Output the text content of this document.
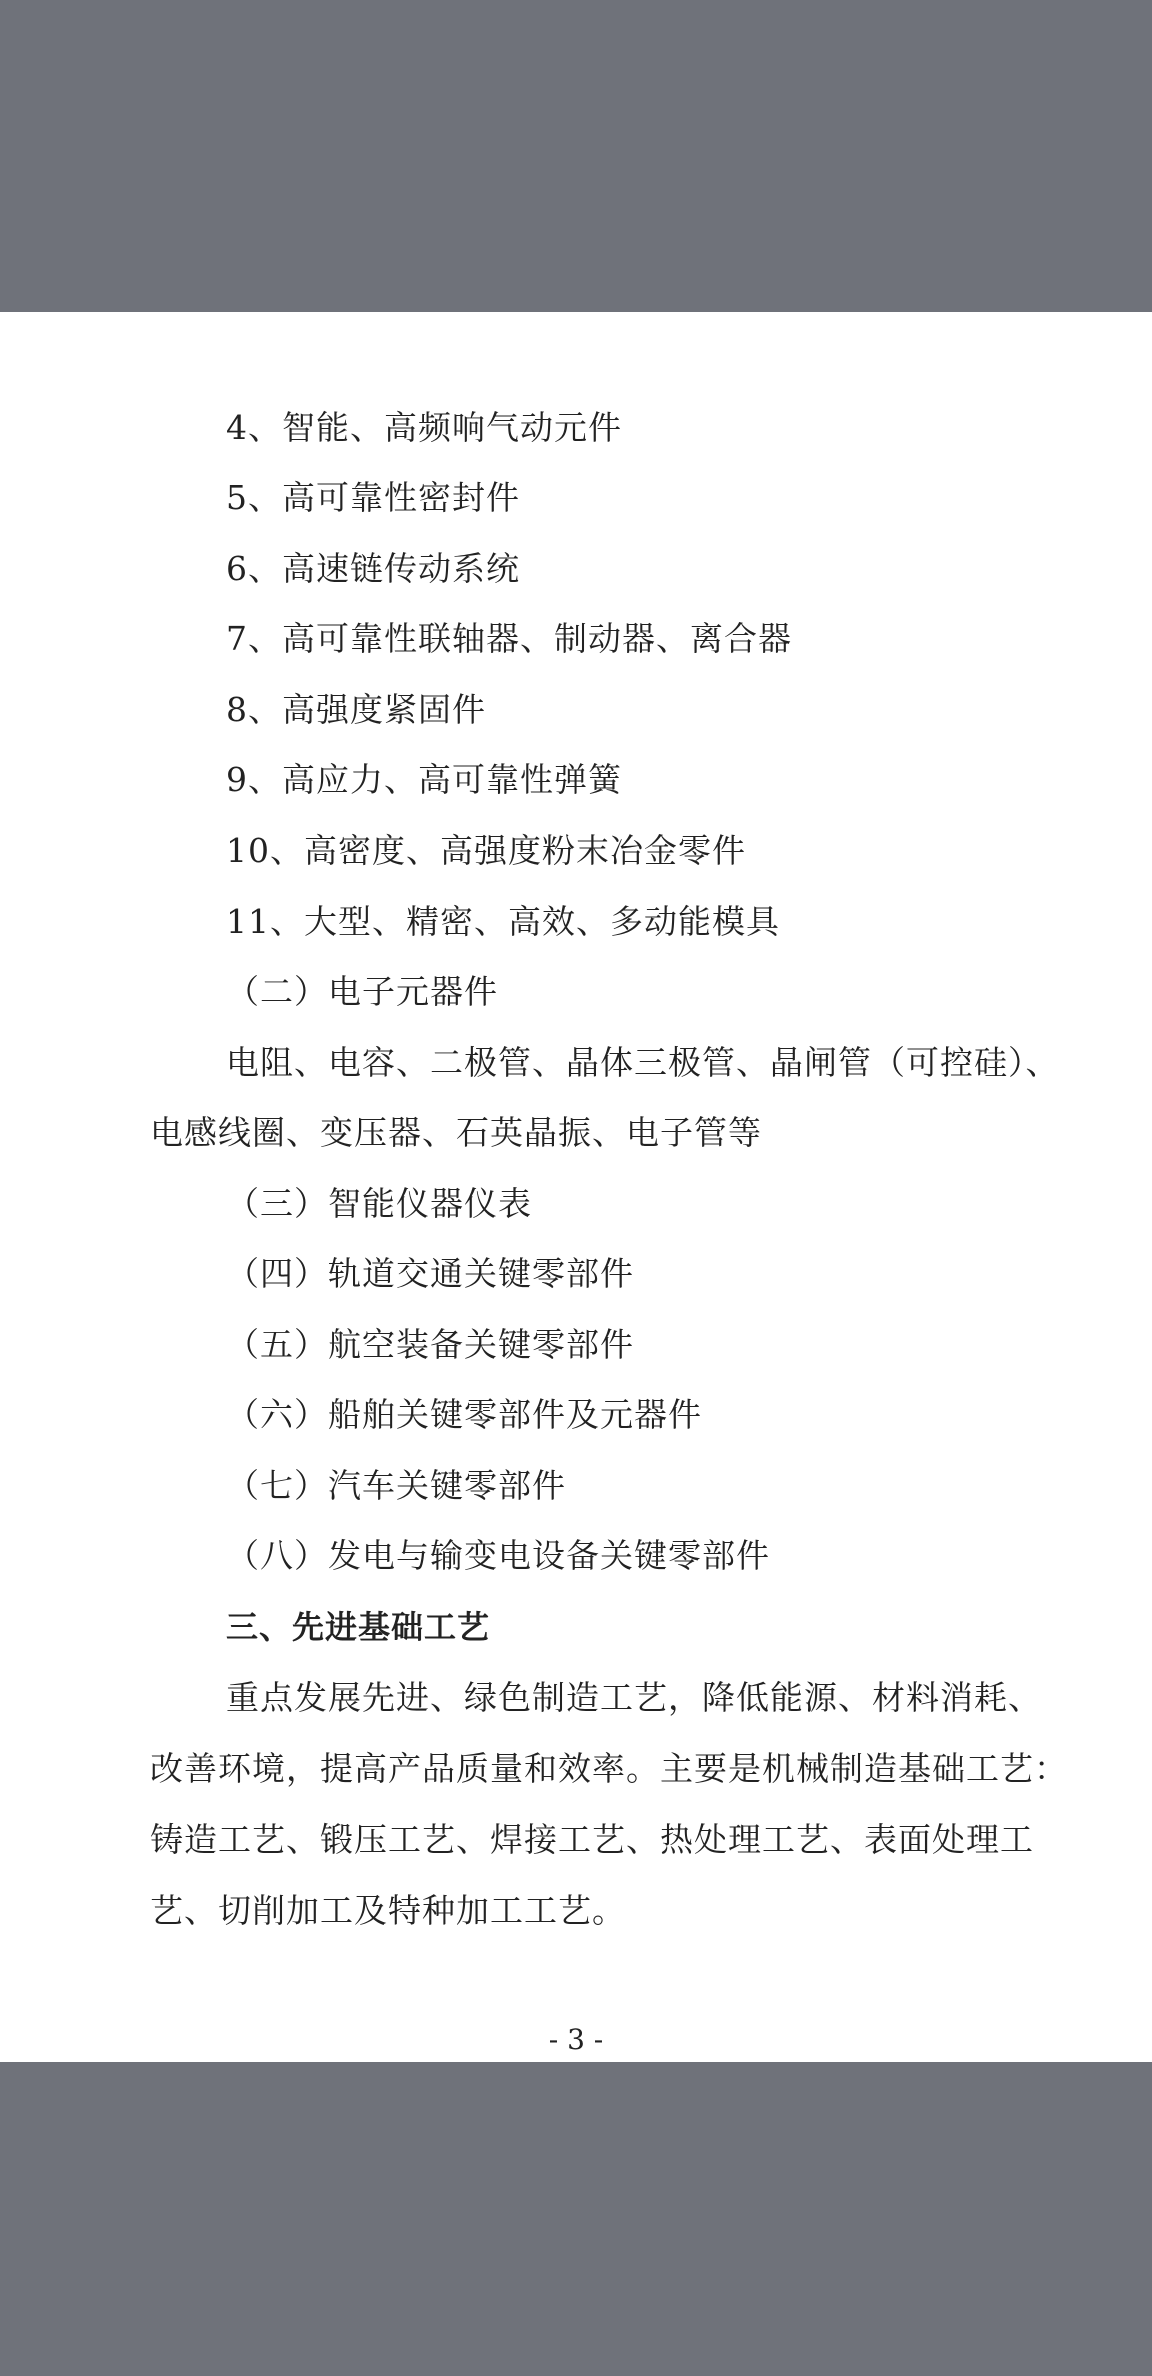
4、智能、高频响气动元件
5、高可靠性密封件
6、高速链传动系统
7、高可靠性联轴器、制动器、离合器
8、高强度紧固件
9、高应力、高可靠性弹簧
10、高密度、高强度粉末冶金零件
11、大型、精密、高效、多动能模具
（二）电子元器件
电阻、电容、二极管、晶体三极管、晶闸管（可控硅）、
电感线圈、变压器、石英晶振、电子管等
（三）智能仪器仪表
（四）轨道交通关键零部件
（五）航空装备关键零部件
（六）船舶关键零部件及元器件
（七）汽车关键零部件
（八）发电与输变电设备关键零部件
三、先进基础工艺
重点发展先进、绿色制造工艺，降低能源、材料消耗、
改善环境，提高产品质量和效率。主要是机械制造基础工艺：
铸造工艺、锻压工艺、焊接工艺、热处理工艺、表面处理工
艺、切削加工及特种加工工艺。
- 3 -
